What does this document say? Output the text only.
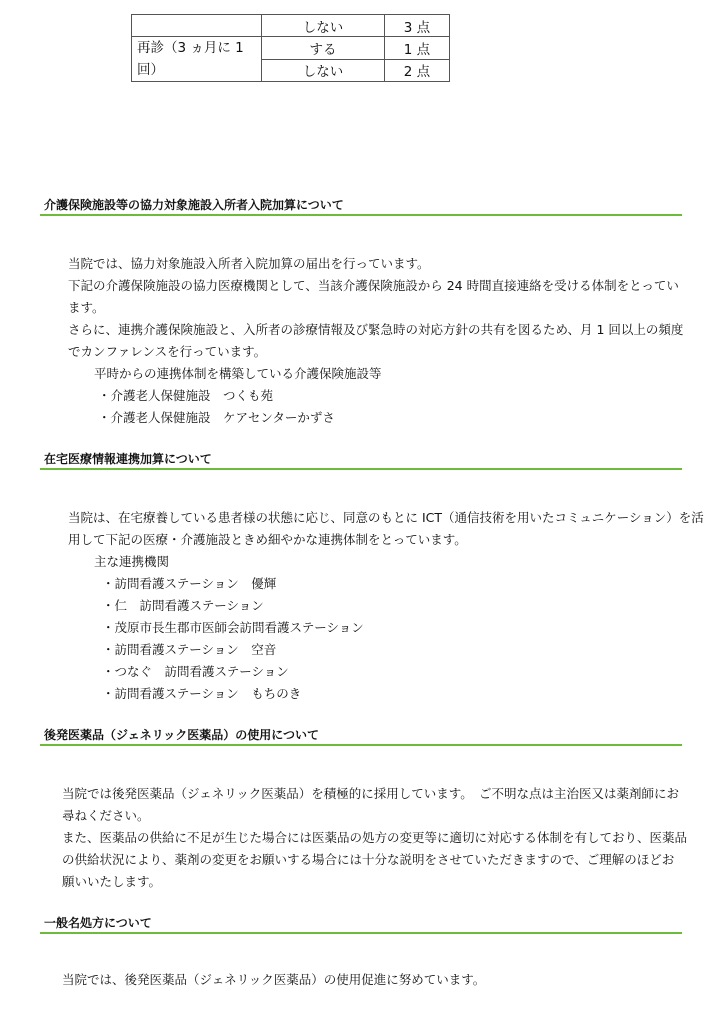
	しない	3 点
再診（3 ヵ月に 1 回）	する	1 点
	しない	2 点
介護保険施設等の協力対象施設入所者入院加算について
当院では、協力対象施設入所者入院加算の届出を行っています。
下記の介護保険施設の協力医療機関として、当該介護保険施設から 24 時間直接連絡を受ける体制をとってい
ます。
さらに、連携介護保険施設と、入所者の診療情報及び緊急時の対応方針の共有を図るため、月 1 回以上の頻度
でカンファレンスを行っています。
平時からの連携体制を構築している介護保険施設等
・介護老人保健施設　つくも苑
・介護老人保健施設　ケアセンターかずさ
在宅医療情報連携加算について
当院は、在宅療養している患者様の状態に応じ、同意のもとに ICT（通信技術を用いたコミュニケーション）を活
用して下記の医療・介護施設ときめ細やかな連携体制をとっています。
主な連携機関
・訪問看護ステーション　優輝
・仁　訪問看護ステーション
・茂原市長生郡市医師会訪問看護ステーション
・訪問看護ステーション　空音
・つなぐ　訪問看護ステーション
・訪問看護ステーション　もちのき
後発医薬品（ジェネリック医薬品）の使用について
当院では後発医薬品（ジェネリック医薬品）を積極的に採用しています。　ご不明な点は主治医又は薬剤師にお
尋ねください。
また、医薬品の供給に不足が生じた場合には医薬品の処方の変更等に適切に対応する体制を有しており、医薬品
の供給状況により、薬剤の変更をお願いする場合には十分な説明をさせていただきますので、ご理解のほどお
願いいたします。
一般名処方について
当院では、後発医薬品（ジェネリック医薬品）の使用促進に努めています。
